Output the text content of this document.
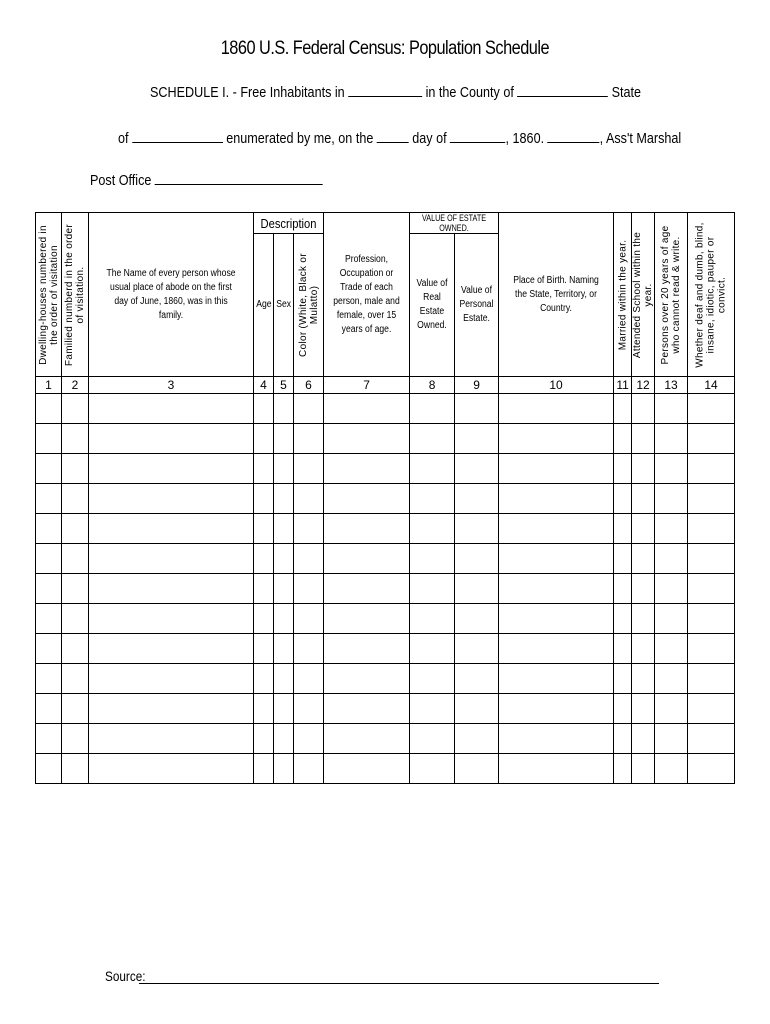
1860 U.S. Federal Census: Population Schedule
SCHEDULE I. - Free Inhabitants in	in the County of	State
of	enumerated by me, on the	day of	, 1860.	, Ass't Marshal
Post Office
Dwelling-houses numbered in the order of visitation	Familied numberd in the order of visitation.	The Name of every person whose usual place of abode on the first day of June, 1860, was in this family.	Description			Profession, Occupation or Trade of each person, male and female, over 15 years of age.	VALUE OF ESTATE OWNED.		Place of Birth. Naming the State, Territory, or Country.	Married within the year.	Attended School within the year.	Persons over 20 years of age who cannot read & write.	Whether deaf and dumb, blind, insane, idiotic, pauper or convict.

			Age	Sex	Color (White, Black or Mulatto)		Value of Real Estate Owned.	Value of Personal Estate.					

1	2	3	4	5	6	7	8	9	10	11	12	13	14

Source:
